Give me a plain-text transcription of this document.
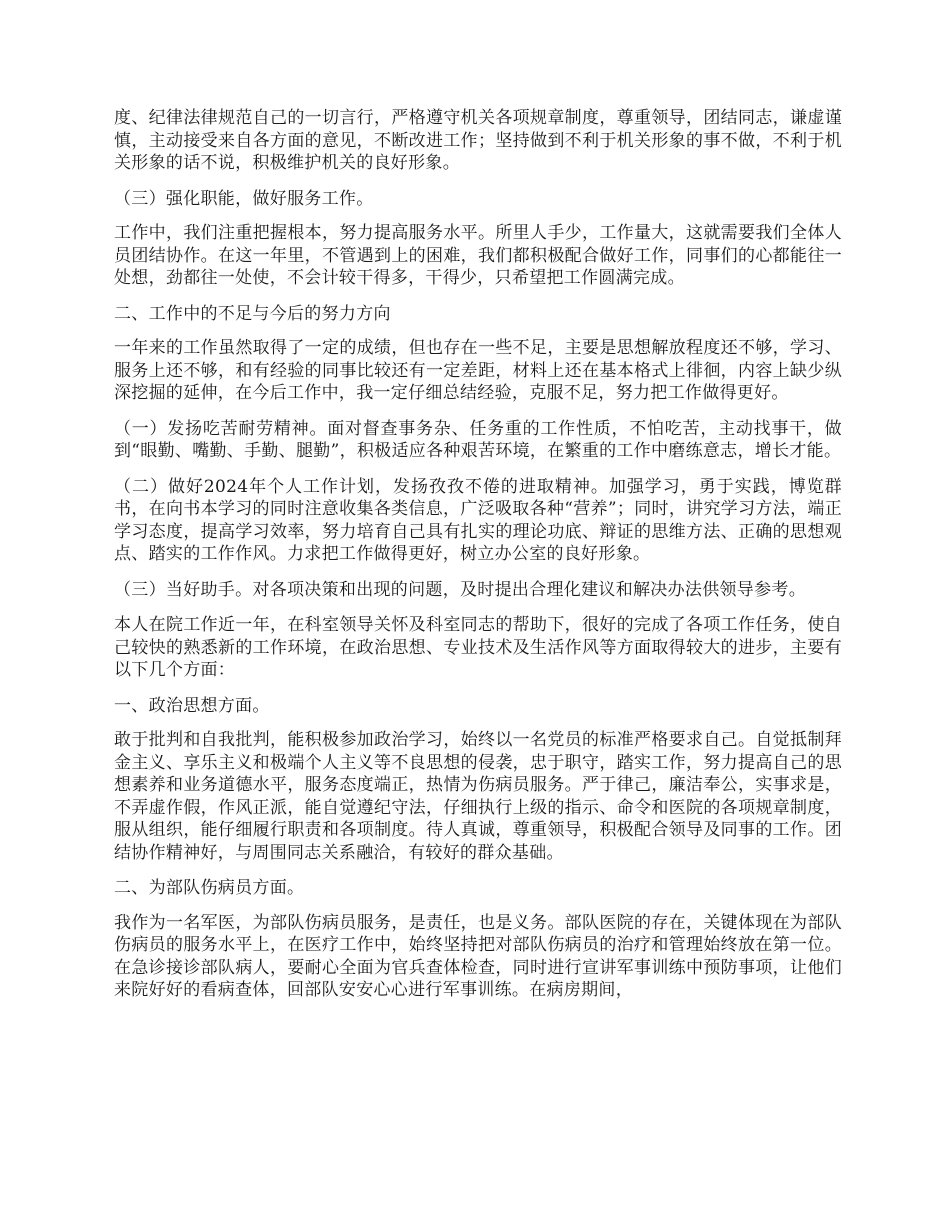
度、纪律法律规范自己的一切言行，严格遵守机关各项规章制度，尊重领导，团结同志，谦虚谨慎，主动接受来自各方面的意见，不断改进工作；坚持做到不利于机关形象的事不做，不利于机关形象的话不说，积极维护机关的良好形象。

（三）强化职能，做好服务工作。

工作中，我们注重把握根本，努力提高服务水平。所里人手少，工作量大，这就需要我们全体人员团结协作。在这一年里，不管遇到上的困难，我们都积极配合做好工作，同事们的心都能往一处想，劲都往一处使，不会计较干得多，干得少，只希望把工作圆满完成。

二、工作中的不足与今后的努力方向

一年来的工作虽然取得了一定的成绩，但也存在一些不足，主要是思想解放程度还不够，学习、服务上还不够，和有经验的同事比较还有一定差距，材料上还在基本格式上徘徊，内容上缺少纵深挖掘的延伸，在今后工作中，我一定仔细总结经验，克服不足，努力把工作做得更好。

（一）发扬吃苦耐劳精神。面对督查事务杂、任务重的工作性质，不怕吃苦，主动找事干，做到“眼勤、嘴勤、手勤、腿勤”，积极适应各种艰苦环境，在繁重的工作中磨练意志，增长才能。

（二）做好2024年个人工作计划，发扬孜孜不倦的进取精神。加强学习，勇于实践，博览群书，在向书本学习的同时注意收集各类信息，广泛吸取各种“营养”；同时，讲究学习方法，端正学习态度，提高学习效率，努力培育自己具有扎实的理论功底、辩证的思维方法、正确的思想观点、踏实的工作作风。力求把工作做得更好，树立办公室的良好形象。

（三）当好助手。对各项决策和出现的问题，及时提出合理化建议和解决办法供领导参考。

本人在院工作近一年，在科室领导关怀及科室同志的帮助下，很好的完成了各项工作任务，使自己较快的熟悉新的工作环境，在政治思想、专业技术及生活作风等方面取得较大的进步，主要有以下几个方面：

一、政治思想方面。

敢于批判和自我批判，能积极参加政治学习，始终以一名党员的标准严格要求自己。自觉抵制拜金主义、享乐主义和极端个人主义等不良思想的侵袭，忠于职守，踏实工作，努力提高自己的思想素养和业务道德水平，服务态度端正，热情为伤病员服务。严于律己，廉洁奉公，实事求是，不弄虚作假，作风正派，能自觉遵纪守法，仔细执行上级的指示、命令和医院的各项规章制度，服从组织，能仔细履行职责和各项制度。待人真诚，尊重领导，积极配合领导及同事的工作。团结协作精神好，与周围同志关系融洽，有较好的群众基础。

二、为部队伤病员方面。

我作为一名军医，为部队伤病员服务，是责任，也是义务。部队医院的存在，关键体现在为部队伤病员的服务水平上，在医疗工作中，始终坚持把对部队伤病员的治疗和管理始终放在第一位。在急诊接诊部队病人，要耐心全面为官兵查体检查，同时进行宣讲军事训练中预防事项，让他们来院好好的看病查体，回部队安安心心进行军事训练。在病房期间，
